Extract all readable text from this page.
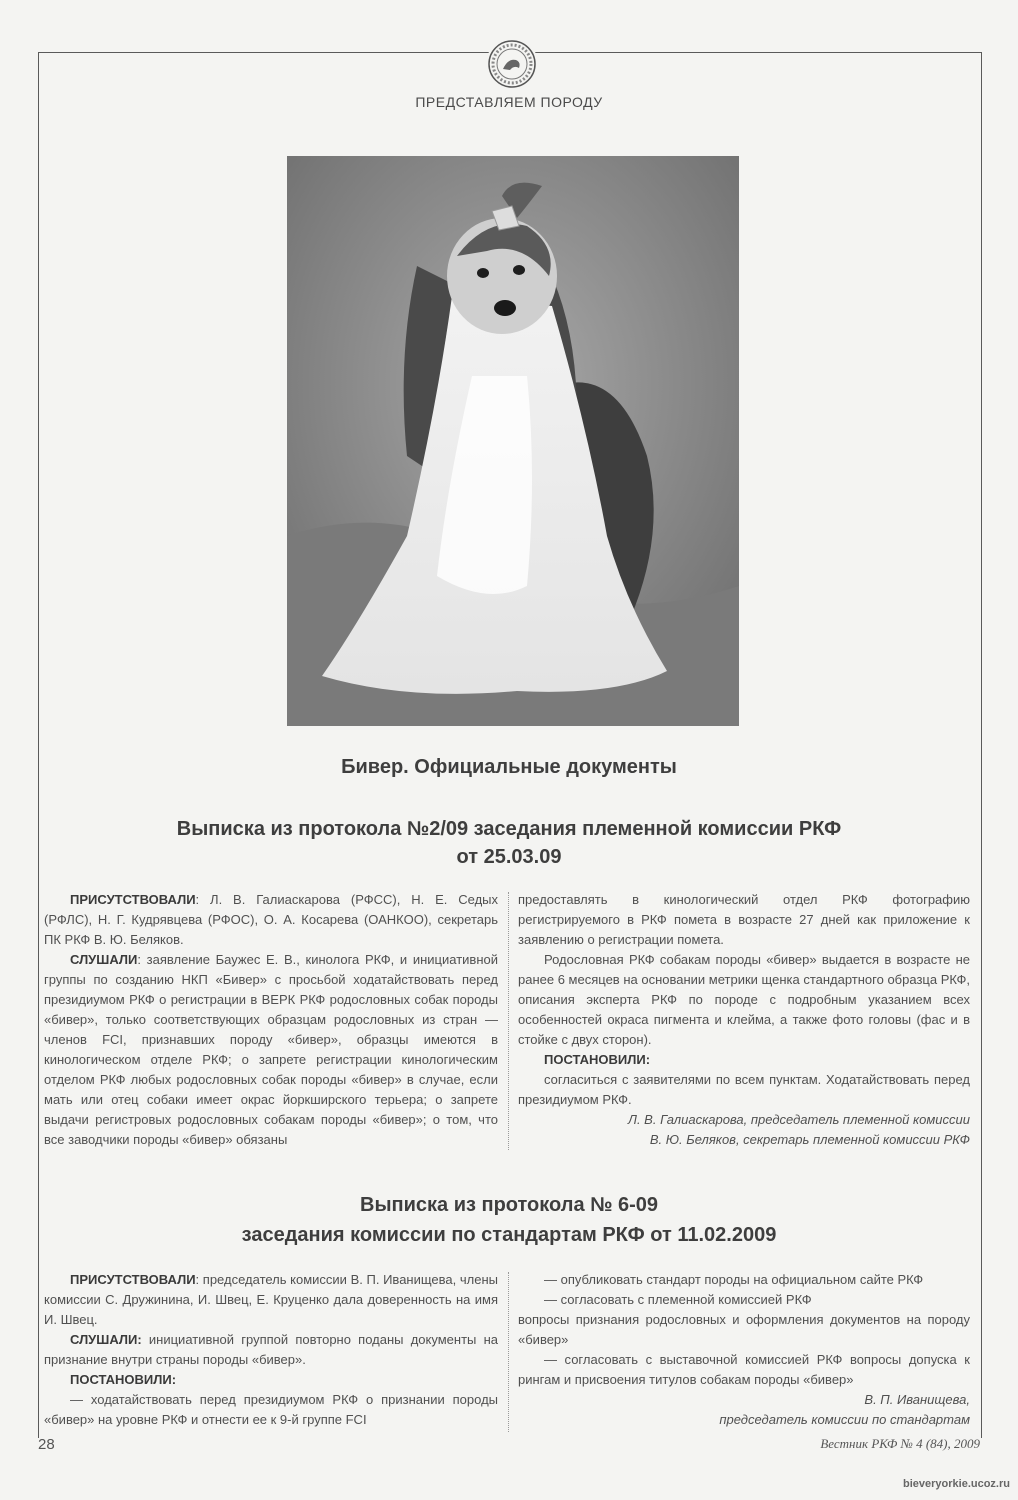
ПРЕДСТАВЛЯЕМ ПОРОДУ
Бивер. Официальные документы
Выписка из протокола №2/09 заседания племенной комиссии РКФ
от 25.03.09

ПРИСУТСТВОВАЛИ: Л. В. Галиаскарова (РФСС), Н. Е. Седых (РФЛС), Н. Г. Кудрявцева (РФОС), О. А. Косарева (ОАНКОО), секретарь ПК РКФ В. Ю. Беляков.

СЛУШАЛИ: заявление Баужес Е. В., кинолога РКФ, и инициативной группы по созданию НКП «Бивер» с просьбой ходатайствовать перед президиумом РКФ о регистрации в ВЕРК РКФ родословных собак породы «бивер», только соответствующих образцам родословных из стран — членов FCI, признавших породу «бивер», образцы имеются в кинологическом отделе РКФ; о запрете регистрации кинологическим отделом РКФ любых родословных собак породы «бивер» в случае, если мать или отец собаки имеет окрас йоркширского терьера; о запрете выдачи регистровых родословных собакам породы «бивер»; о том, что все заводчики породы «бивер» обязаны

предоставлять в кинологический отдел РКФ фотографию регистрируемого в РКФ помета в возрасте 27 дней как приложение к заявлению о регистрации помета.

Родословная РКФ собакам породы «бивер» выдается в возрасте не ранее 6 месяцев на основании метрики щенка стандартного образца РКФ, описания эксперта РКФ по породе с подробным указанием всех особенностей окраса пигмента и клейма, а также фото головы (фас и в стойке с двух сторон).

ПОСТАНОВИЛИ:

согласиться с заявителями по всем пунктам. Ходатайствовать перед президиумом РКФ.

Л. В. Галиаскарова, председатель племенной комиссии

В. Ю. Беляков, секретарь племенной комиссии РКФ

Выписка из протокола № 6-09
заседания комиссии по стандартам РКФ от 11.02.2009

ПРИСУТСТВОВАЛИ: председатель комиссии В. П. Иванищева, члены комиссии С. Дружинина, И. Швец, Е. Круценко дала доверенность на имя И. Швец.

СЛУШАЛИ: инициативной группой повторно поданы документы на признание внутри страны породы «бивер».

ПОСТАНОВИЛИ:

— ходатайствовать перед президиумом РКФ о признании породы «бивер» на уровне РКФ и отнести ее к 9-й группе FCI

— опубликовать стандарт породы на официальном сайте РКФ

— согласовать с племенной комиссией РКФ

вопросы признания родословных и оформления документов на породу «бивер»

— согласовать с выставочной комиссией РКФ вопросы допуска к рингам и присвоения титулов собакам породы «бивер»

В. П. Иванищева,

председатель комиссии по стандартам

28	Вестник РКФ № 4 (84), 2009
bieveryorkie.ucoz.ru
